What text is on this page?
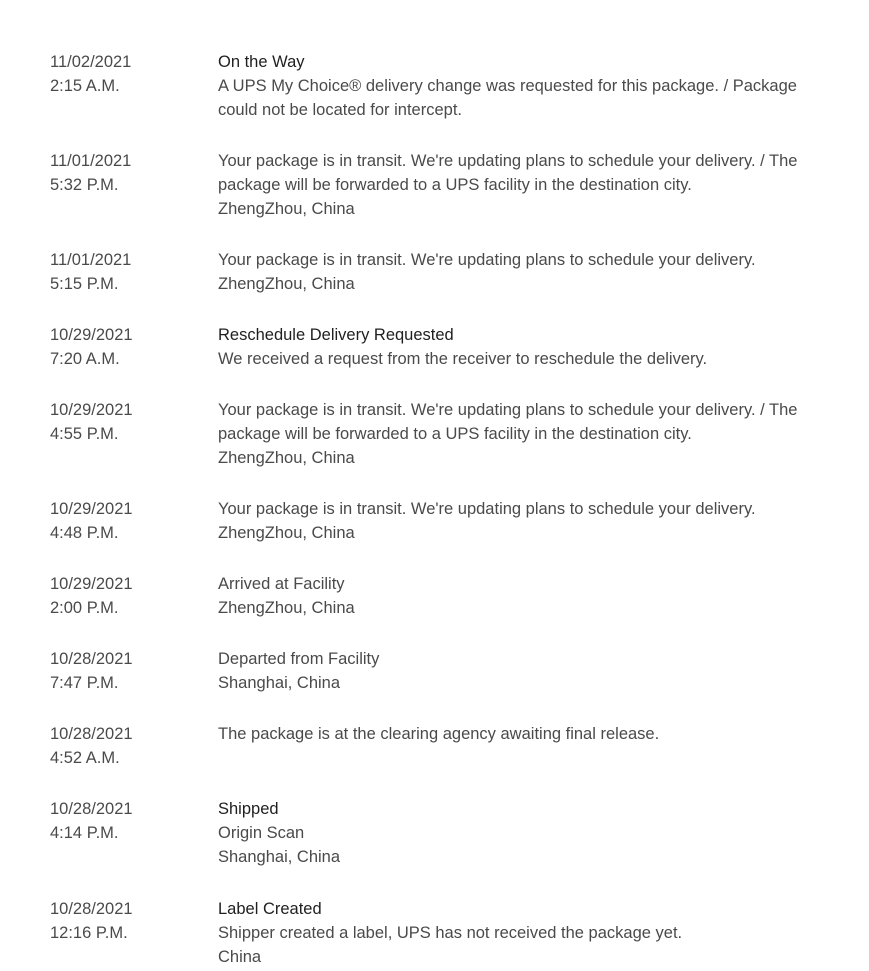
11/02/2021
2:15 A.M.
On the Way
A UPS My Choice® delivery change was requested for this package. / Package could not be located for intercept.
11/01/2021
5:32 P.M.
Your package is in transit. We're updating plans to schedule your delivery. / The package will be forwarded to a UPS facility in the destination city.
ZhengZhou, China
11/01/2021
5:15 P.M.
Your package is in transit. We're updating plans to schedule your delivery.
ZhengZhou, China
10/29/2021
7:20 A.M.
Reschedule Delivery Requested
We received a request from the receiver to reschedule the delivery.
10/29/2021
4:55 P.M.
Your package is in transit. We're updating plans to schedule your delivery. / The package will be forwarded to a UPS facility in the destination city.
ZhengZhou, China
10/29/2021
4:48 P.M.
Your package is in transit. We're updating plans to schedule your delivery.
ZhengZhou, China
10/29/2021
2:00 P.M.
Arrived at Facility
ZhengZhou, China
10/28/2021
7:47 P.M.
Departed from Facility
Shanghai, China
10/28/2021
4:52 A.M.
The package is at the clearing agency awaiting final release.
10/28/2021
4:14 P.M.
Shipped
Origin Scan
Shanghai, China
10/28/2021
12:16 P.M.
Label Created
Shipper created a label, UPS has not received the package yet.
China
